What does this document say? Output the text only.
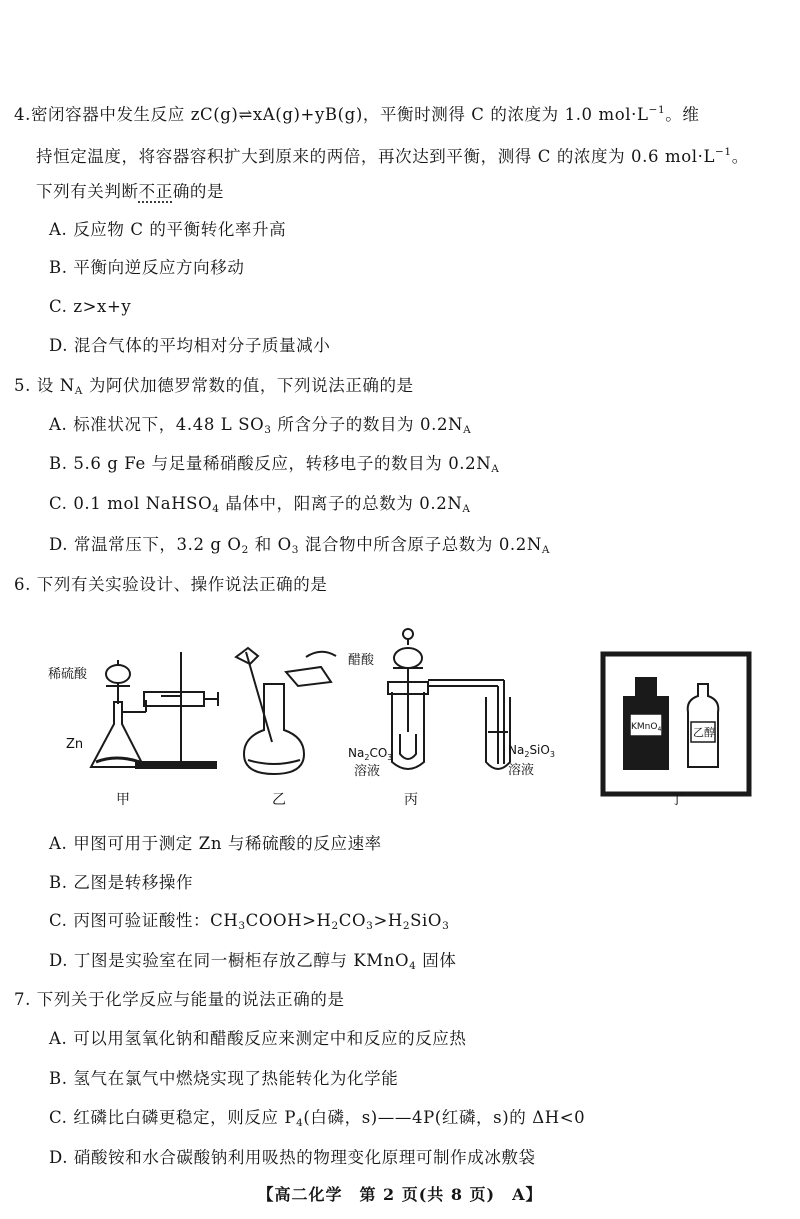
4.密闭容器中发生反应 zC(g)⇌xA(g)+yB(g)，平衡时测得 C 的浓度为 1.0 $mol\cdot L^{-1}$。维
持恒定温度，将容器容积扩大到原来的两倍，再次达到平衡，测得 C 的浓度为 0.6 $mol\cdot L^{-1}$。
下列有关判断不正确的是
A. 反应物 C 的平衡转化率升高
B. 平衡向逆反应方向移动
C. z>x+y
D. 混合气体的平均相对分子质量减小
5. 设 $N_A$ 为阿伏加德罗常数的值，下列说法正确的是
A. 标准状况下，4.48 L $SO_3$ 所含分子的数目为 $0.2N_A$
B. 5.6 g Fe 与足量稀硝酸反应，转移电子的数目为 $0.2N_A$
C. 0.1 mol NaHSO$_4$ 晶体中，阳离子的总数为 $0.2N_A$
D. 常温常压下，3.2 g $O_2$ 和 $O_3$ 混合物中所含原子总数为 $0.2N_A$
6. 下列有关实验设计、操作说法正确的是
稀硫酸
Zn
醋酸
$Na_2CO_3$
溶液
$Na_2SiO_3$
溶液
KMnO$_4$	乙醇
甲	乙	丙	丁
A. 甲图可用于测定 Zn 与稀硫酸的反应速率
B. 乙图是转移操作
C. 丙图可验证酸性：$CH_3COOH>H_2CO_3>H_2SiO_3$
D. 丁图是实验室在同一橱柜存放乙醇与 KMnO$_4$ 固体
7. 下列关于化学反应与能量的说法正确的是
A. 可以用氢氧化钠和醋酸反应来测定中和反应的反应热
B. 氢气在氯气中燃烧实现了热能转化为化学能
C. 红磷比白磷更稳定，则反应 $P_4$(白磷，s)——4P(红磷，s)的 ΔH<0
D. 硝酸铵和水合碳酸钠利用吸热的物理变化原理可制作成冰敷袋
【高二化学　第 2 页(共 8 页)　A】
